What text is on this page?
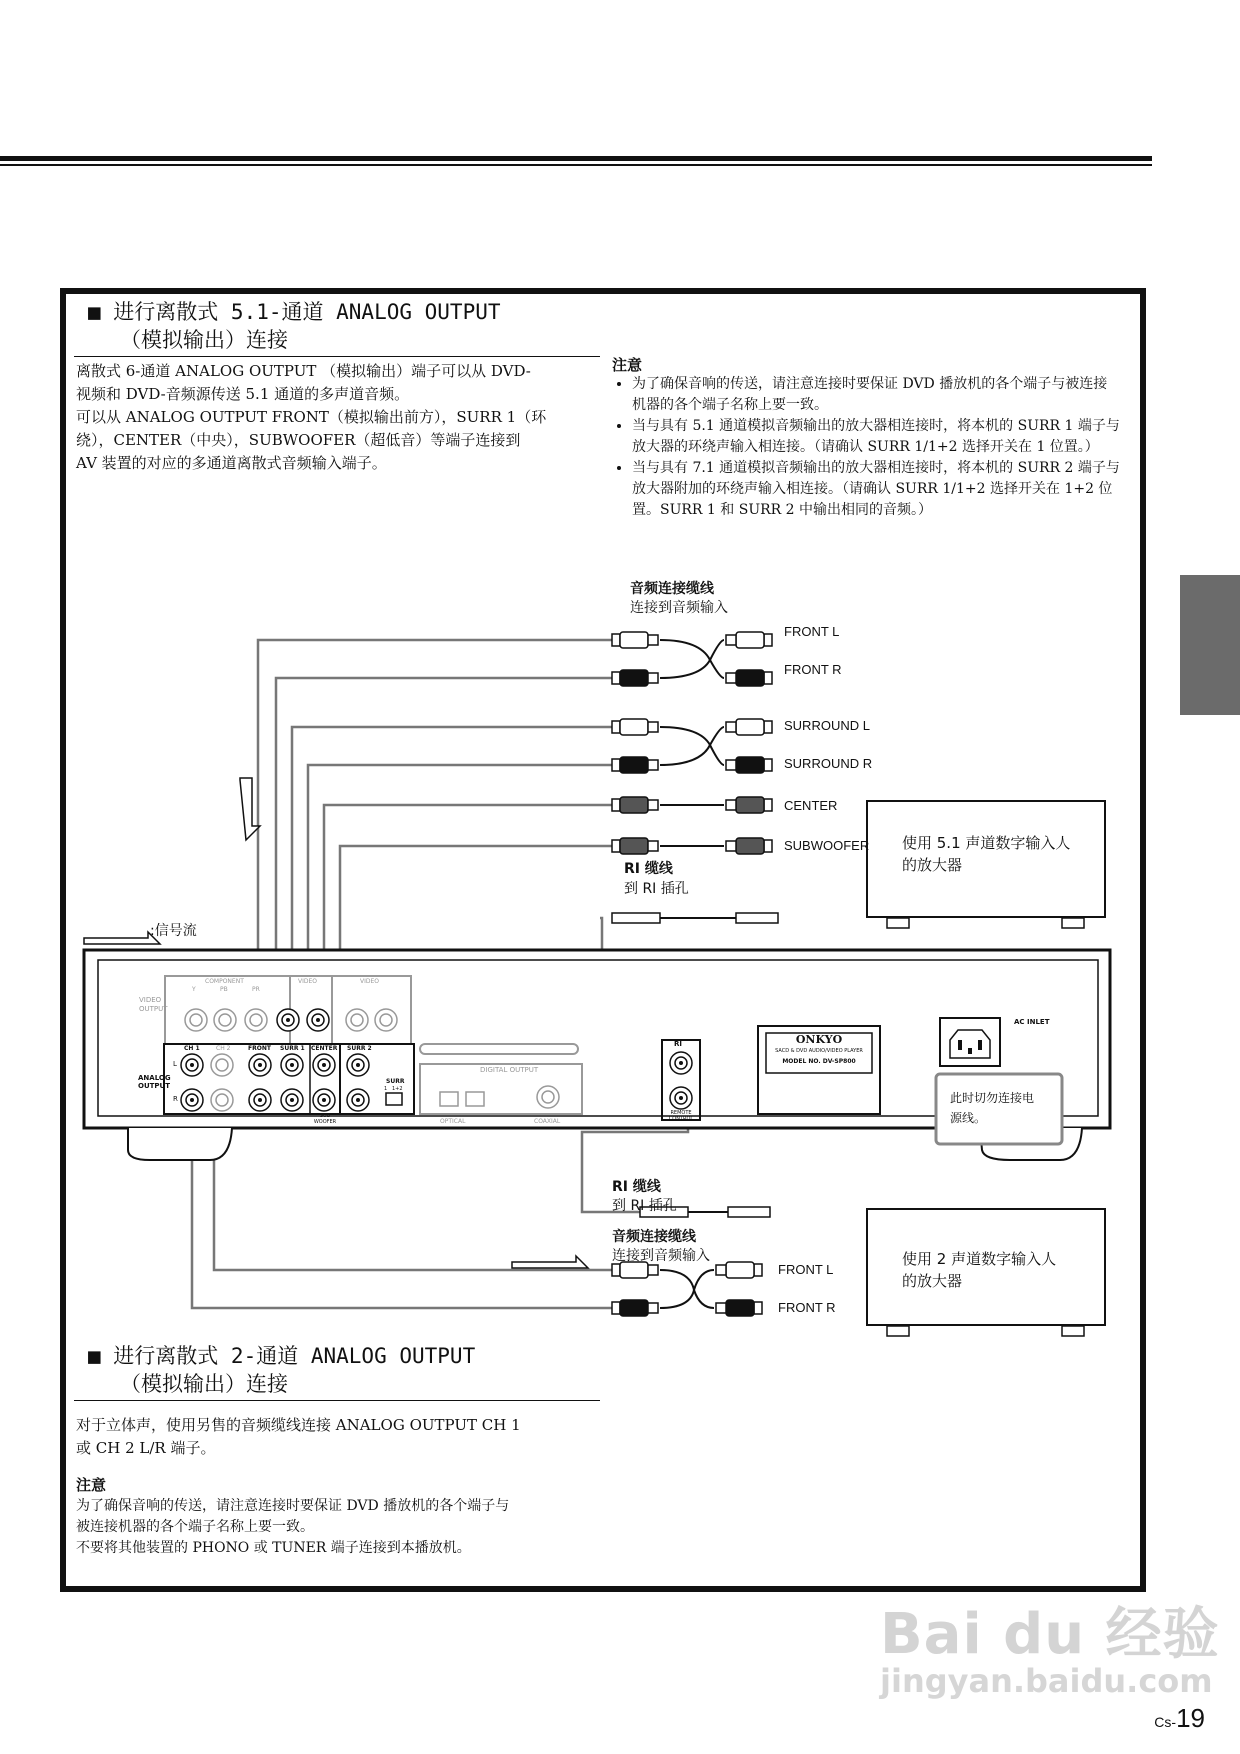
■ 进行离散式 5.1-通道 ANALOG OUTPUT
（模拟输出）连接
离散式 6-通道 ANALOG OUTPUT （模拟输出）端子可以从 DVD-
视频和 DVD-音频源传送 5.1 通道的多声道音频。
可以从 ANALOG OUTPUT FRONT（模拟输出前方），SURR 1（环
绕），CENTER（中央），SUBWOOFER（超低音）等端子连接到
AV 装置的对应的多通道离散式音频输入端子。
注意
• 为了确保音响的传送，请注意连接时要保证 DVD 播放机的各个端子与被连接机器的各个端子名称上要一致。
• 当与具有 5.1 通道模拟音频输出的放大器相连接时，将本机的 SURR 1 端子与放大器的环绕声输入相连接。（请确认 SURR 1/1+2 选择开关在 1 位置。）
• 当与具有 7.1 通道模拟音频输出的放大器相连接时，将本机的 SURR 2 端子与放大器附加的环绕声输入相连接。（请确认 SURR 1/1+2 选择开关在 1+2 位置。SURR 1 和 SURR 2 中输出相同的音频。）
音频连接缆线
连接到音频输入
FRONT L
FRONT R
SURROUND L
SURROUND R
CENTER
SUBWOOFER
RI 缆线
到 RI 插孔
:信号流
使用 5.1 声道数字输入人
的放大器
使用 2 声道数字输入人
的放大器
VIDEO OUTPUT
COMPONENT
Y	PB	PR
VIDEO	VIDEO
CH 1	CH 2	FRONT SURR 1 CENTER SURR 2
ANALOG OUTPUT
L
R
SURR
1   1+2
SUB WOOFER
DIGITAL OUTPUT
OPTICAL	COAXIAL
RI
REMOTE CONTROL
ONKYO
SACD & DVD AUDIO/VIDEO PLAYER
MODEL NO. DV-SP800
AC INLET
此时切勿连接电
源线。
RI 缆线
到 RI 插孔
音频连接缆线
连接到音频输入
FRONT L
FRONT R
■ 进行离散式 2-通道 ANALOG OUTPUT
（模拟输出）连接
对于立体声，使用另售的音频缆线连接 ANALOG OUTPUT CH 1
或 CH 2 L/R 端子。
注意
为了确保音响的传送，请注意连接时要保证 DVD 播放机的各个端子与
被连接机器的各个端子名称上要一致。
不要将其他装置的 PHONO 或 TUNER 端子连接到本播放机。
Bai du 经验
jingyan.baidu.com
Cs-19
